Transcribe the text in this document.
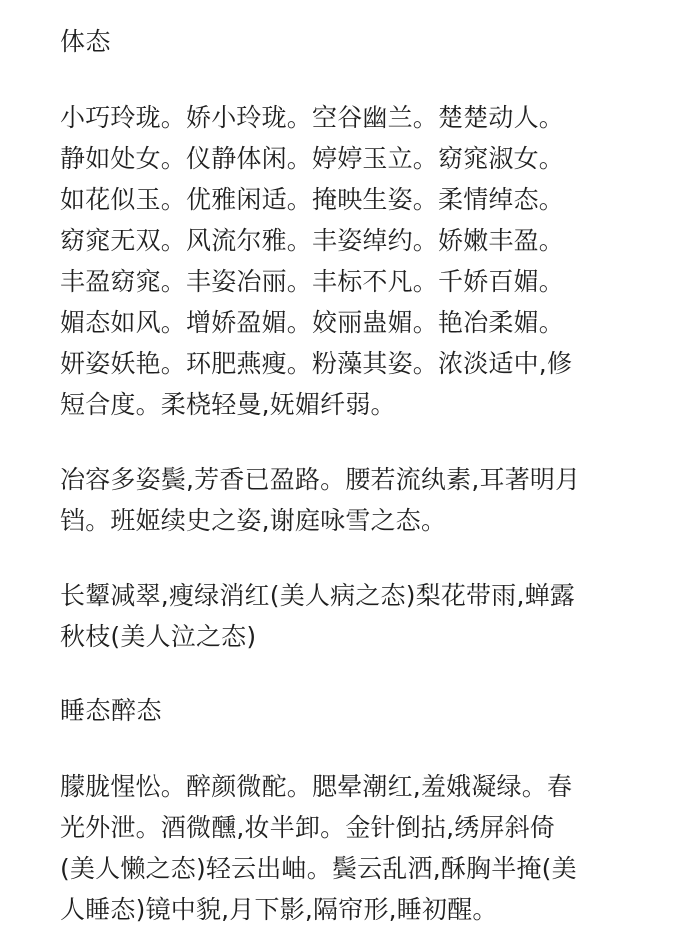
体态

小巧玲珑。娇小玲珑。空谷幽兰。楚楚动人。
静如处女。仪静体闲。婷婷玉立。窈窕淑女。
如花似玉。优雅闲适。掩映生姿。柔情绰态。
窈窕无双。风流尔雅。丰姿绰约。娇嫩丰盈。
丰盈窈窕。丰姿冶丽。丰标不凡。千娇百媚。
媚态如风。增娇盈媚。姣丽蛊媚。艳冶柔媚。
妍姿妖艳。环肥燕瘦。粉藻其姿。浓淡适中,修
短合度。柔桡轻曼,妩媚纤弱。

冶容多姿鬓,芳香已盈路。腰若流纨素,耳著明月
铛。班姬续史之姿,谢庭咏雪之态。

长颦减翠,瘦绿消红(美人病之态)梨花带雨,蝉露
秋枝(美人泣之态)

睡态醉态

朦胧惺忪。醉颜微酡。腮晕潮红,羞娥凝绿。春
光外泄。酒微醺,妆半卸。金针倒拈,绣屏斜倚
(美人懒之态)轻云出岫。鬓云乱洒,酥胸半掩(美
人睡态)镜中貌,月下影,隔帘形,睡初醒。
